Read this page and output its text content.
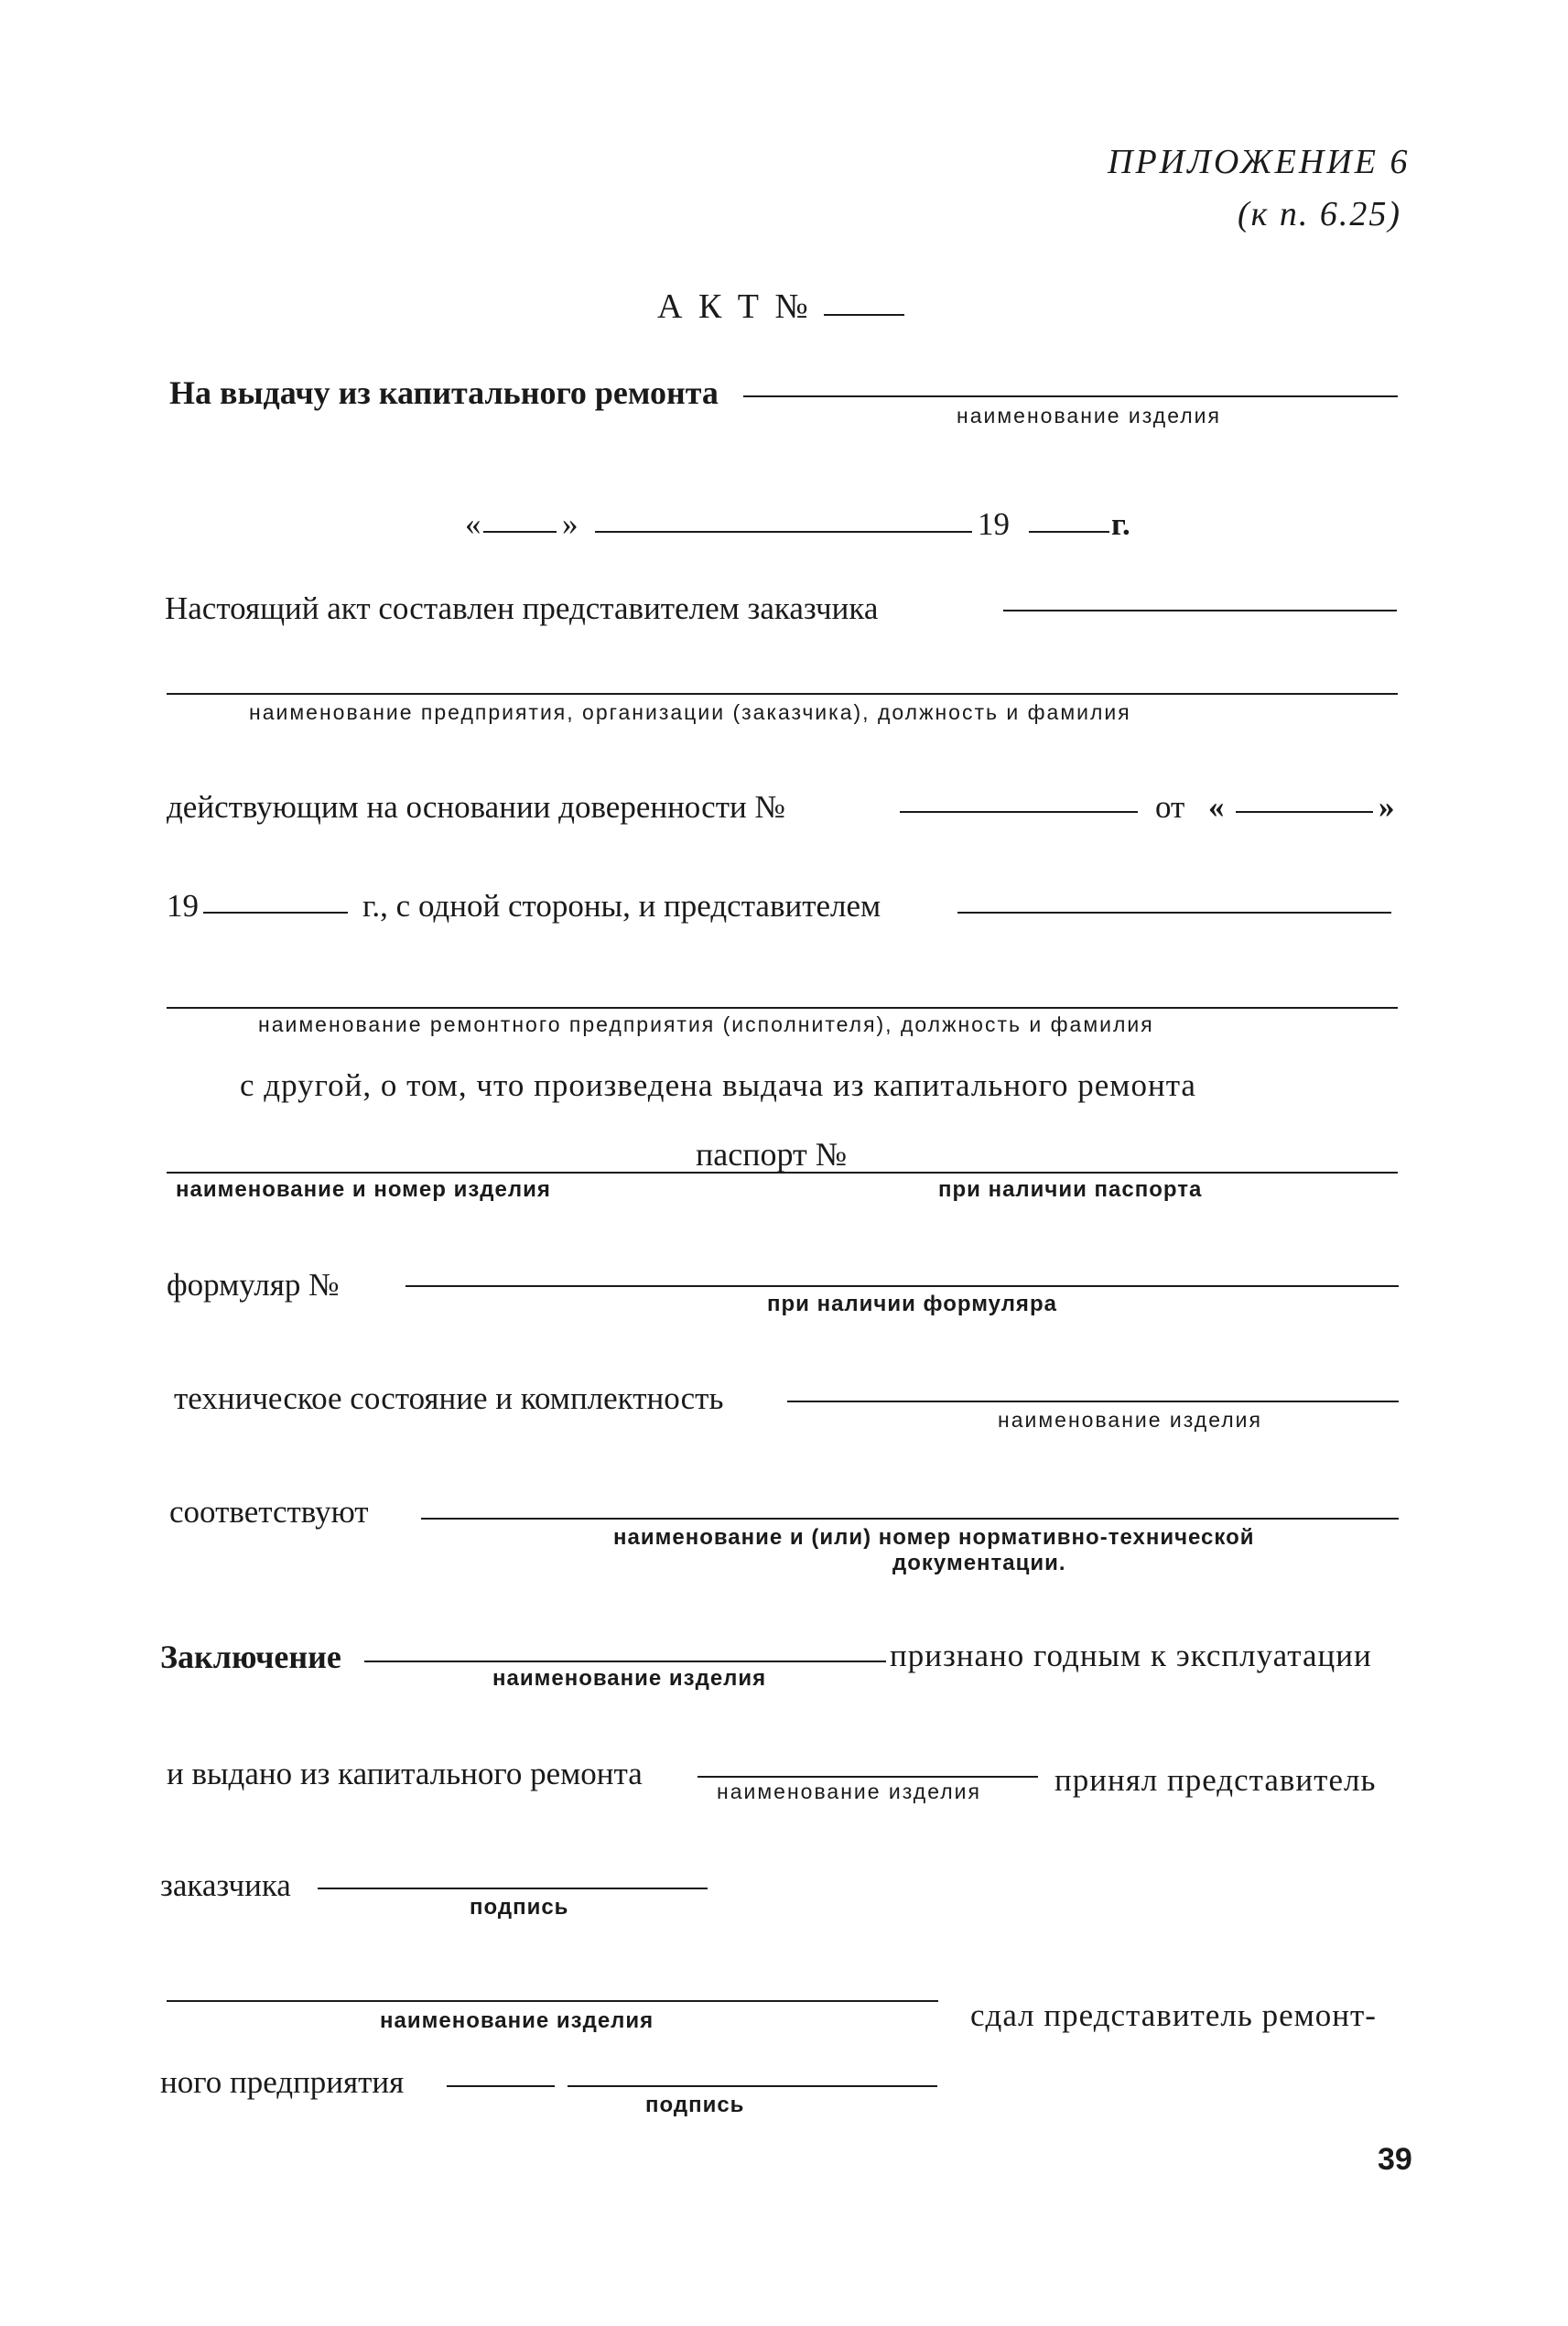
ПРИЛОЖЕНИЕ 6
(к п. 6.25)
А К Т №
На выдачу из капитального ремонта
наименование изделия
«	»	19	г.
Настоящий акт составлен представителем заказчика
наименование предприятия, организации (заказчика), должность и фамилия
действующим на основании доверенности №	от «	»
19	г., с одной стороны, и представителем
наименование ремонтного предприятия (исполнителя), должность и фамилия
с другой, о том, что произведена выдача из капитального ремонта
паспорт №
наименование и номер изделия	при наличии паспорта
формуляр №
при наличии формуляра
техническое состояние и комплектность
наименование изделия
соответствуют
наименование и (или) номер нормативно-технической
документации.
Заключение
наименование изделия
признано годным к эксплуатации
и выдано из капитального ремонта	наименование изделия принял представитель
заказчика
подпись
наименование изделия	сдал представитель ремонт-
ного предприятия
подпись
39
